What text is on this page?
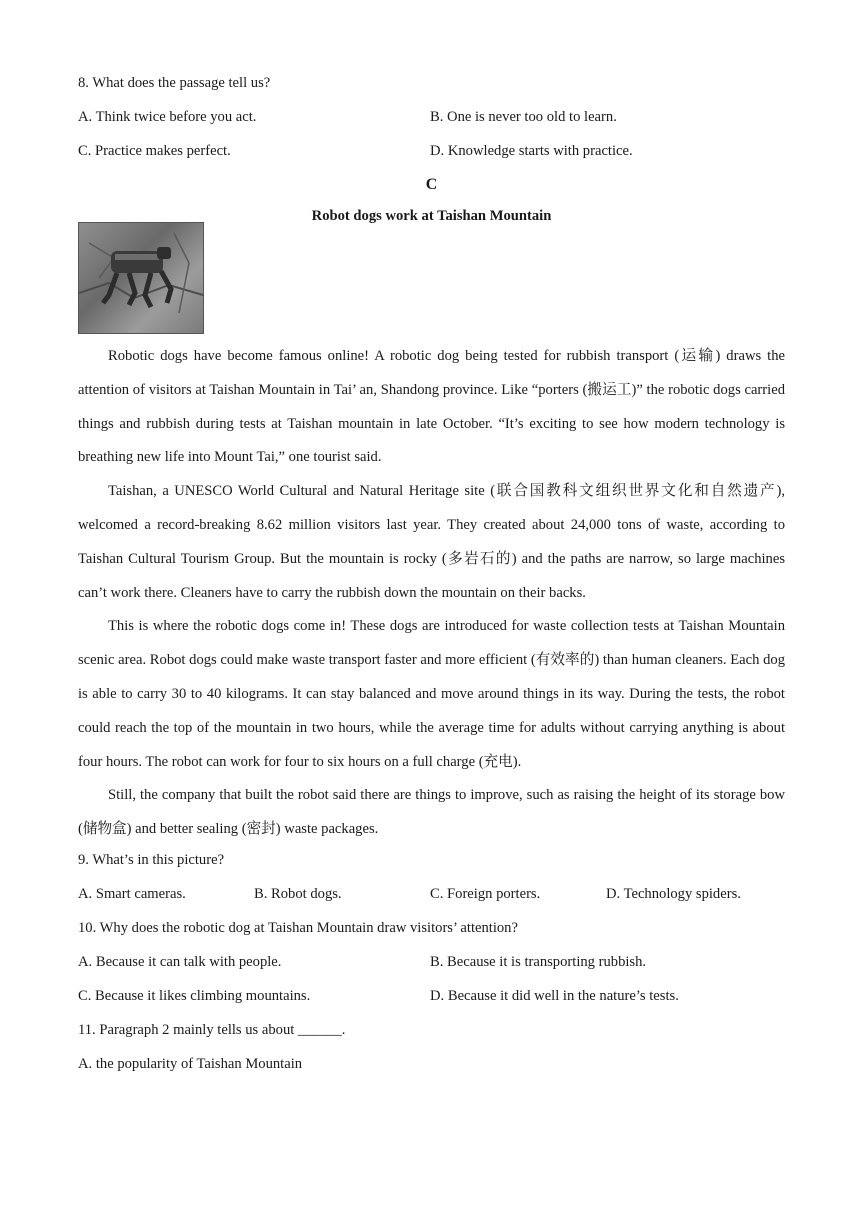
8. What does the passage tell us?
A. Think twice before you act.	B. One is never too old to learn.
C. Practice makes perfect.	D. Knowledge starts with practice.
C
Robot dogs work at Taishan Mountain

Robotic dogs have become famous online! A robotic dog being tested for rubbish transport (运输) draws the attention of visitors at Taishan Mountain in Tai’ an, Shandong province. Like “porters (搬运工)” the robotic dogs carried things and rubbish during tests at Taishan mountain in late October. “It’s exciting to see how modern technology is breathing new life into Mount Tai,” one tourist said.

Taishan, a UNESCO World Cultural and Natural Heritage site (联合国教科文组织世界文化和自然遗产), welcomed a record-breaking 8.62 million visitors last year. They created about 24,000 tons of waste, according to Taishan Cultural Tourism Group. But the mountain is rocky (多岩石的) and the paths are narrow, so large machines can’t work there. Cleaners have to carry the rubbish down the mountain on their backs.

This is where the robotic dogs come in! These dogs are introduced for waste collection tests at Taishan Mountain scenic area. Robot dogs could make waste transport faster and more efficient (有效率的) than human cleaners. Each dog is able to carry 30 to 40 kilograms. It can stay balanced and move around things in its way. During the tests, the robot could reach the top of the mountain in two hours, while the average time for adults without carrying anything is about four hours. The robot can work for four to six hours on a full charge (充电).

Still, the company that built the robot said there are things to improve, such as raising the height of its storage bow (储物盒) and better sealing (密封) waste packages.

9. What’s in this picture?
A. Smart cameras.	B. Robot dogs.	C. Foreign porters.	D. Technology spiders.
10. Why does the robotic dog at Taishan Mountain draw visitors’ attention?
A. Because it can talk with people.	B. Because it is transporting rubbish.
C. Because it likes climbing mountains.	D. Because it did well in the nature’s tests.
11. Paragraph 2 mainly tells us about ______.
A. the popularity of Taishan Mountain
